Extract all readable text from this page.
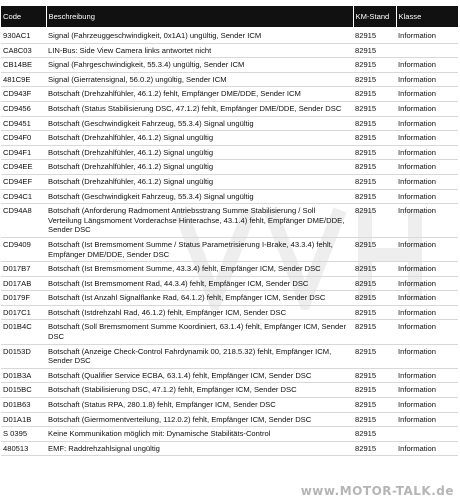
Code	Beschreibung	KM-Stand	Klasse
930AC1	Signal (Fahrzeuggeschwindigkeit, 0x1A1) ungültig, Sender ICM	82915	Information
CA8C03	LIN-Bus: Side View Camera links antwortet nicht	82915	
CB14BE	Signal (Fahrgeschwindigkeit, 55.3.4) ungültig, Sender ICM	82915	Information
481C9E	Signal (Gierratensignal, 56.0.2) ungültig, Sender ICM	82915	Information
CD943F	Botschaft (Drehzahlfühler, 46.1.2) fehlt, Empfänger DME/DDE, Sender ICM	82915	Information
CD9456	Botschaft (Status Stabilisierung DSC, 47.1.2) fehlt, Empfänger DME/DDE, Sender DSC	82915	Information
CD9451	Botschaft (Geschwindigkeit Fahrzeug, 55.3.4) Signal ungültig	82915	Information
CD94F0	Botschaft (Drehzahlfühler, 46.1.2) Signal ungültig	82915	Information
CD94F1	Botschaft (Drehzahlfühler, 46.1.2) Signal ungültig	82915	Information
CD94EE	Botschaft (Drehzahlfühler, 46.1.2) Signal ungültig	82915	Information
CD94EF	Botschaft (Drehzahlfühler, 46.1.2) Signal ungültig	82915	Information
CD94C1	Botschaft (Geschwindigkeit Fahrzeug, 55.3.4) Signal ungültig	82915	Information
CD94A8	Botschaft (Anforderung Radmoment Antriebsstrang Summe Stabilisierung / Soll Verteilung Längsmoment Vorderachse Hinterachse, 43.1.4) fehlt, Empfänger DME/DDE, Sender DSC	82915	Information
CD9409	Botschaft (Ist Bremsmoment Summe / Status Parametrisierung I-Brake, 43.3.4) fehlt, Empfänger DME/DDE, Sender DSC	82915	Information
D017B7	Botschaft (Ist Bremsmoment Summe, 43.3.4) fehlt, Empfänger ICM, Sender DSC	82915	Information
D017AB	Botschaft (Ist Bremsmoment Rad, 44.3.4) fehlt, Empfänger ICM, Sender DSC	82915	Information
D0179F	Botschaft (Ist Anzahl Signalflanke Rad, 64.1.2) fehlt, Empfänger ICM, Sender DSC	82915	Information
D017C1	Botschaft (Istdrehzahl Rad, 46.1.2) fehlt, Empfänger ICM, Sender DSC	82915	Information
D01B4C	Botschaft (Soll Bremsmoment Summe Koordiniert, 63.1.4) fehlt, Empfänger ICM, Sender DSC	82915	Information
D0153D	Botschaft (Anzeige Check-Control Fahrdynamik 00, 218.5.32) fehlt, Empfänger ICM, Sender DSC	82915	Information
D01B3A	Botschaft (Qualifier Service ECBA, 63.1.4) fehlt, Empfänger ICM, Sender DSC	82915	Information
D015BC	Botschaft (Stabilisierung DSC, 47.1.2) fehlt, Empfänger ICM, Sender DSC	82915	Information
D01B63	Botschaft (Status RPA, 280.1.8) fehlt, Empfänger ICM, Sender DSC	82915	Information
D01A1B	Botschaft (Giermomentverteilung, 112.0.2) fehlt, Empfänger ICM, Sender DSC	82915	Information
S 0395	Keine Kommunikation möglich mit: Dynamische Stabilitäts-Control	82915	
480513	EMF: Raddrehzahlsignal ungültig	82915	Information
www.MOTOR-TALK.de
